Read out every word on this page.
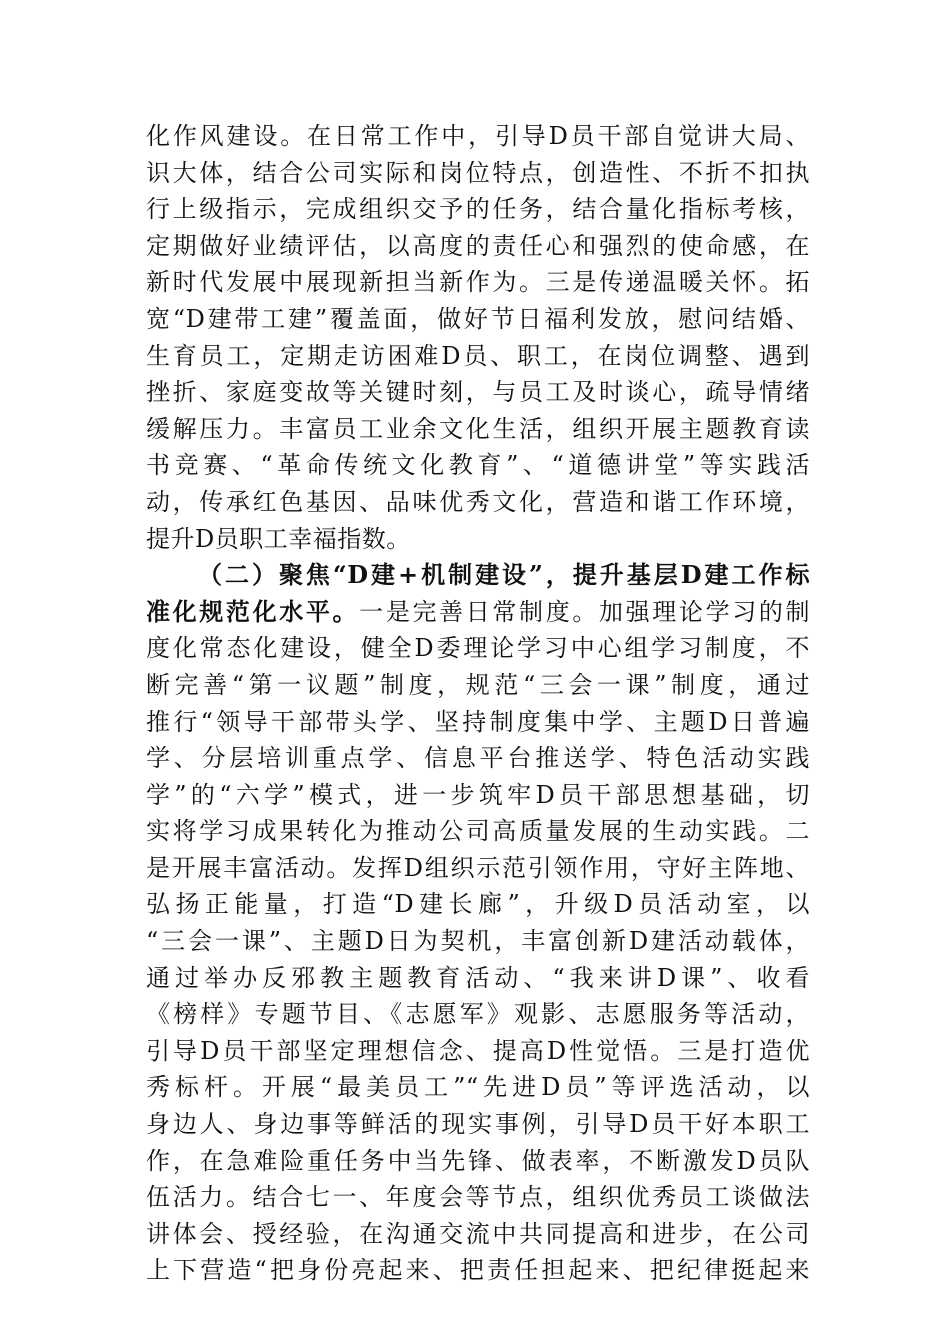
化作风建设。在日常工作中，引导D员干部自觉讲大局、
识大体，结合公司实际和岗位特点，创造性、不折不扣执
行上级指示，完成组织交予的任务，结合量化指标考核，
定期做好业绩评估，以高度的责任心和强烈的使命感，在
新时代发展中展现新担当新作为。三是传递温暖关怀。拓
宽“D建带工建”覆盖面，做好节日福利发放，慰问结婚、
生育员工，定期走访困难D员、职工，在岗位调整、遇到
挫折、家庭变故等关键时刻，与员工及时谈心，疏导情绪
缓解压力。丰富员工业余文化生活，组织开展主题教育读
书竞赛、“革命传统文化教育”、“道德讲堂”等实践活
动，传承红色基因、品味优秀文化，营造和谐工作环境，
提升D员职工幸福指数。
（二）聚焦“D建+机制建设”，提升基层D建工作标
准化规范化水平。一是完善日常制度。加强理论学习的制
度化常态化建设，健全D委理论学习中心组学习制度，不
断完善“第一议题”制度，规范“三会一课”制度，通过
推行“领导干部带头学、坚持制度集中学、主题D日普遍
学、分层培训重点学、信息平台推送学、特色活动实践
学”的“六学”模式，进一步筑牢D员干部思想基础，切
实将学习成果转化为推动公司高质量发展的生动实践。二
是开展丰富活动。发挥D组织示范引领作用，守好主阵地、
弘扬正能量，打造“D建长廊”，升级D员活动室，以
“三会一课”、主题D日为契机，丰富创新D建活动载体，
通过举办反邪教主题教育活动、“我来讲D课”、收看
《榜样》专题节目、《志愿军》观影、志愿服务等活动，
引导D员干部坚定理想信念、提高D性觉悟。三是打造优
秀标杆。开展“最美员工”“先进D员”等评选活动，以
身边人、身边事等鲜活的现实事例，引导D员干好本职工
作，在急难险重任务中当先锋、做表率，不断激发D员队
伍活力。结合七一、年度会等节点，组织优秀员工谈做法
讲体会、授经验，在沟通交流中共同提高和进步，在公司
上下营造“把身份亮起来、把责任担起来、把纪律挺起来
